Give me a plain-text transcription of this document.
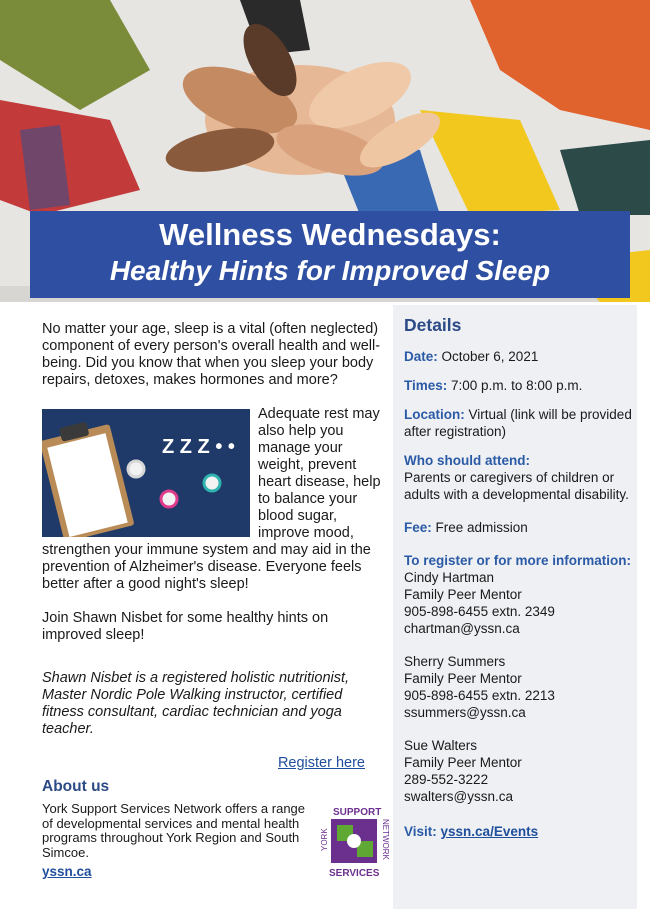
Wellness Wednesdays:
Healthy Hints for Improved Sleep

No matter your age, sleep is a vital (often neglected) component of every person's overall health and well-being. Did you know that when you sleep your body repairs, detoxes, makes hormones and more?

Z Z Z • •

Adequate rest may also help you manage your weight, prevent heart disease, help to balance your blood sugar, improve mood, strengthen your immune system and may aid in the prevention of Alzheimer's disease. Everyone feels better after a good night's sleep!

Join Shawn Nisbet for some healthy hints on improved sleep!

Shawn Nisbet is a registered holistic nutritionist, Master Nordic Pole Walking instructor, certified fitness consultant, cardiac technician and yoga teacher.

Register here
About us
York Support Services Network offers a range of developmental services and mental health programs throughout York Region and South Simcoe.
yssn.ca
SUPPORT
SERVICES
YORK	NETWORK
Details
Date: October 6, 2021
Times: 7:00 p.m. to 8:00 p.m.
Location: Virtual (link will be provided after registration)
Who should attend:
Parents or caregivers of children or adults with a developmental disability.
Fee: Free admission
To register or for more information:
Cindy Hartman
Family Peer Mentor
905-898-6455 extn. 2349
chartman@yssn.ca
Sherry Summers
Family Peer Mentor
905-898-6455 extn. 2213
ssummers@yssn.ca
Sue Walters
Family Peer Mentor
289-552-3222
swalters@yssn.ca
Visit: yssn.ca/Events
